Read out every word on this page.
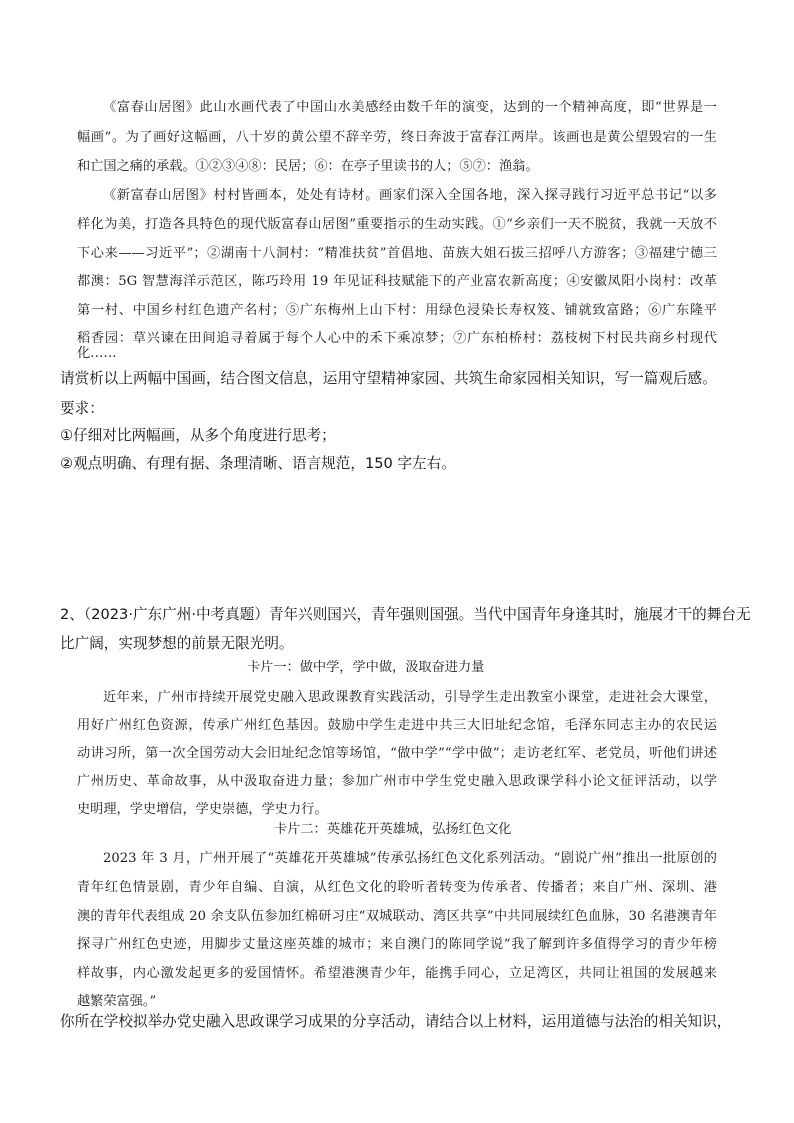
《富春山居图》此山水画代表了中国山水美感经由数千年的演变，达到的一个精神高度，即“世界是一
幅画”。为了画好这幅画，八十岁的黄公望不辞辛劳，终日奔波于富春江两岸。该画也是黄公望毁宕的一生
和亡国之痛的承载。①②③④⑧：民居；⑥：在亭子里读书的人；⑤⑦：渔翁。
《新富春山居图》村村皆画本，处处有诗材。画家们深入全国各地，深入探寻践行习近平总书记“以多
样化为美，打造各具特色的现代版富春山居图”重要指示的生动实践。①“乡亲们一天不脱贫，我就一天放不
下心来——习近平”；②湖南十八洞村：“精准扶贫”首倡地、苗族大姐石拔三招呼八方游客；③福建宁德三
都澳：5G 智慧海洋示范区，陈巧玲用 19 年见证科技赋能下的产业富农新高度；④安徽凤阳小岗村：改革
第一村、中国乡村红色遗产名村；⑤广东梅州上山下村：用绿色浸染长寿权笈、铺就致富路；⑥广东隆平
稻香园：草兴谏在田间追寻着属于每个人心中的禾下乘凉梦；⑦广东柏桥村：荔枝树下村民共商乡村现代
化……
请赏析以上两幅中国画，结合图文信息，运用守望精神家园、共筑生命家园相关知识，写一篇观后感。
要求：
①仔细对比两幅画，从多个角度进行思考；
②观点明确、有理有据、条理清晰、语言规范，150 字左右。
2、（2023·广东广州·中考真题）青年兴则国兴，青年强则国强。当代中国青年身逢其时，施展才干的舞台无
比广阔，实现梦想的前景无限光明。
卡片一：做中学，学中做，汲取奋进力量
近年来，广州市持续开展党史融入思政课教育实践活动，引导学生走出教室小课堂，走进社会大课堂，
用好广州红色资源，传承广州红色基因。鼓励中学生走进中共三大旧址纪念馆，毛泽东同志主办的农民运
动讲习所，第一次全国劳动大会旧址纪念馆等场馆，“做中学”“学中做”；走访老红军、老党员，听他们讲述
广州历史、革命故事，从中汲取奋进力量；参加广州市中学生党史融入思政课学科小论文征评活动，以学
史明理，学史增信，学史崇德，学史力行。
卡片二：英雄花开英雄城，弘扬红色文化
2023 年 3 月，广州开展了“英雄花开英雄城”传承弘扬红色文化系列活动。“剧说广州”推出一批原创的
青年红色情景剧，青少年自编、自演，从红色文化的聆听者转变为传承者、传播者；来自广州、深圳、港
澳的青年代表组成 20 余支队伍参加红棉研习庄“双城联动、湾区共享”中共同展续红色血脉，30 名港澳青年
探寻广州红色史迹，用脚步丈量这座英雄的城市；来自澳门的陈同学说“我了解到许多值得学习的青少年榜
样故事，内心激发起更多的爱国情怀。希望港澳青少年，能携手同心，立足湾区，共同让祖国的发展越来
越繁荣富强。”
你所在学校拟举办党史融入思政课学习成果的分享活动，请结合以上材料，运用道德与法治的相关知识，
